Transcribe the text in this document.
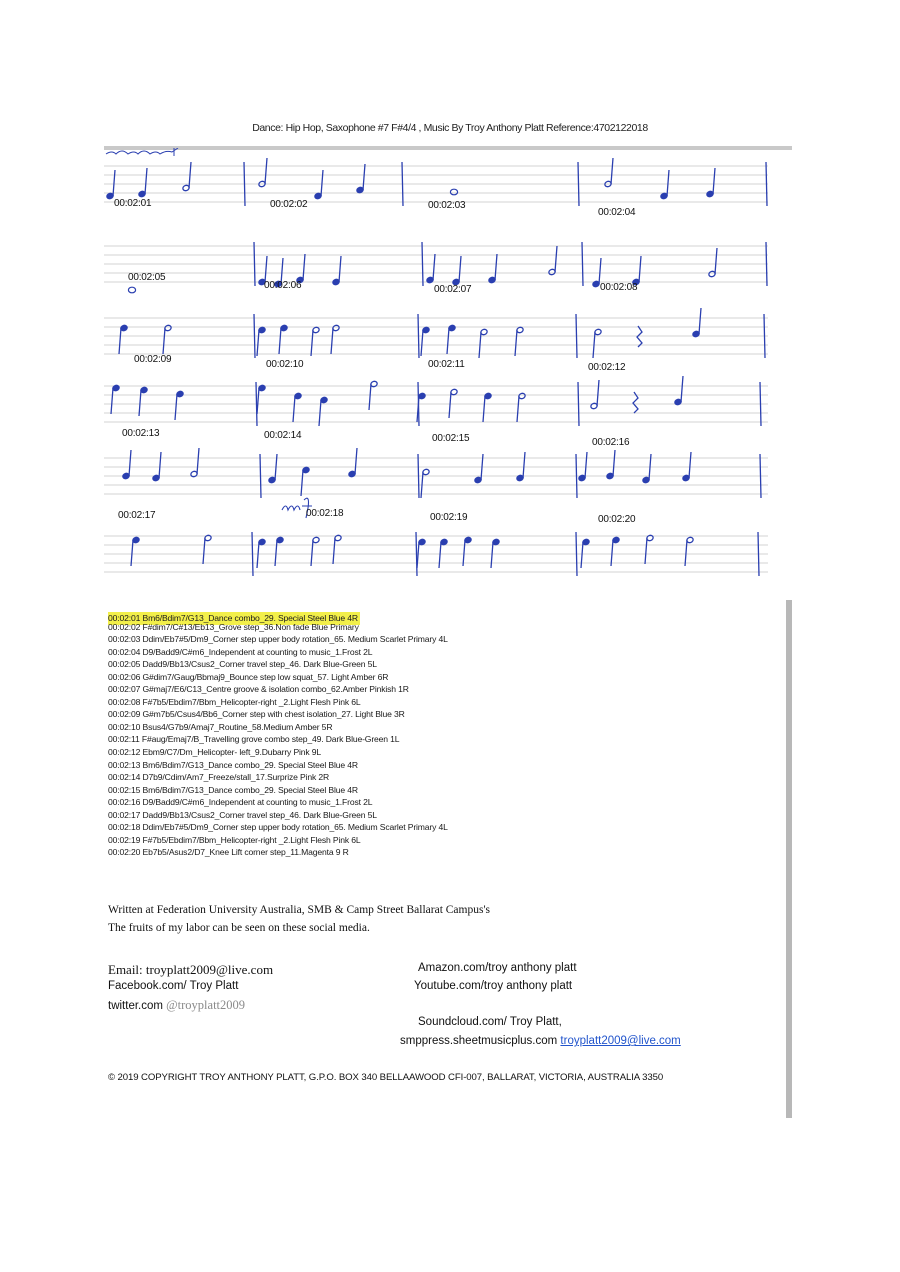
Dance: Hip Hop, Saxophone #7 F#4/4 , Music By Troy Anthony Platt Reference:4702122018
00:02:01	00:02:02	00:02:03
00:02:04
00:02:05
00:02:06	00:02:07	00:02:08
00:02:09	00:02:10	00:02:11	00:02:12
00:02:13	00:02:14	00:02:15	00:02:16
00:02:17	00:02:18	00:02:19	00:02:20
00:02:01 Bm6/Bdim7/G13_Dance combo_29. Special Steel Blue 4R
00:02:02 F#dim7/C#13/Eb13_Grove step_36.Non fade Blue Primary
00:02:03 Ddim/Eb7#5/Dm9_Corner step upper body rotation_65. Medium Scarlet Primary 4L
00:02:04 D9/Badd9/C#m6_Independent at counting to music_1.Frost 2L
00:02:05 Dadd9/Bb13/Csus2_Corner travel step_46. Dark Blue-Green 5L
00:02:06 G#dim7/Gaug/Bbmaj9_Bounce step low squat_57. Light Amber 6R
00:02:07 G#maj7/E6/C13_Centre groove & isolation combo_62.Amber Pinkish 1R
00:02:08 F#7b5/Ebdim7/Bbm_Helicopter-right _2.Light Flesh Pink 6L
00:02:09 G#m7b5/Csus4/Bb6_Corner step with chest isolation_27. Light Blue 3R
00:02:10 Bsus4/G7b9/Amaj7_Routine_58.Medium Amber 5R
00:02:11 F#aug/Emaj7/B_Travelling grove combo step_49. Dark Blue-Green 1L
00:02:12 Ebm9/C7/Dm_Helicopter- left_9.Dubarry Pink 9L
00:02:13 Bm6/Bdim7/G13_Dance combo_29. Special Steel Blue 4R
00:02:14 D7b9/Cdim/Am7_Freeze/stall_17.Surprize Pink 2R
00:02:15 Bm6/Bdim7/G13_Dance combo_29. Special Steel Blue 4R
00:02:16 D9/Badd9/C#m6_Independent at counting to music_1.Frost 2L
00:02:17 Dadd9/Bb13/Csus2_Corner travel step_46. Dark Blue-Green 5L
00:02:18 Ddim/Eb7#5/Dm9_Corner step upper body rotation_65. Medium Scarlet Primary 4L
00:02:19 F#7b5/Ebdim7/Bbm_Helicopter-right _2.Light Flesh Pink 6L
00:02:20 Eb7b5/Asus2/D7_Knee Lift corner step_11.Magenta 9 R
Written at Federation University Australia, SMB & Camp Street Ballarat Campus's
The fruits of my labor can be seen on these social media.
Email: troyplatt2009@live.com
Facebook.com/ Troy Platt
twitter.com @troyplatt2009
Amazon.com/troy anthony platt
Youtube.com/troy anthony platt
Soundcloud.com/ Troy Platt,
smppress.sheetmusicplus.com troyplatt2009@live.com
© 2019 COPYRIGHT TROY ANTHONY PLATT, G.P.O. BOX 340 BELLAAWOOD CFI-007, BALLARAT, VICTORIA, AUSTRALIA 3350
